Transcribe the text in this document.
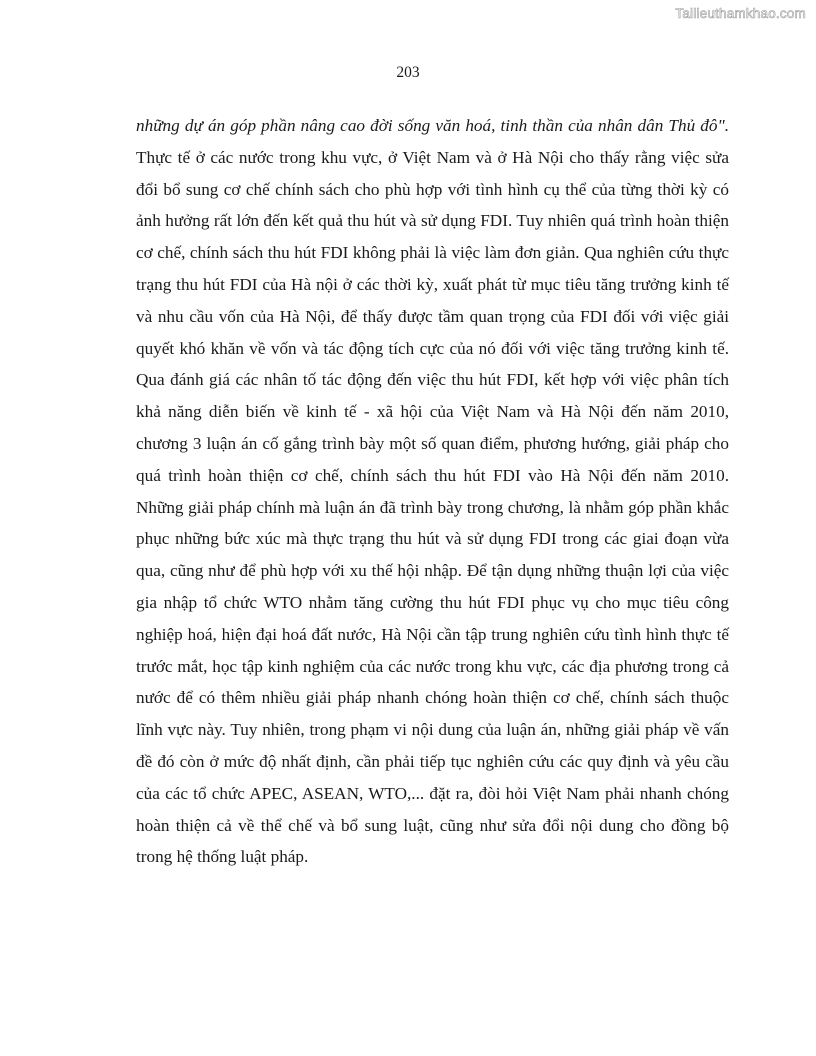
Tailieuthamkhao.com
203

những dự án góp phần nâng cao đời sống văn hoá, tinh thần của nhân dân Thủ đô". Thực tế ở các nước trong khu vực, ở Việt Nam và ở Hà Nội cho thấy rằng việc sửa đổi bổ sung cơ chế chính sách cho phù hợp với tình hình cụ thể của từng thời kỳ có ảnh hưởng rất lớn đến kết quả thu hút và sử dụng FDI. Tuy nhiên quá trình hoàn thiện cơ chế, chính sách thu hút FDI không phải là việc làm đơn giản. Qua nghiên cứu thực trạng thu hút FDI của Hà nội ở các thời kỳ, xuất phát từ mục tiêu tăng trưởng kinh tế và nhu cầu vốn của Hà Nội, để thấy được tầm quan trọng của FDI đối với việc giải quyết khó khăn về vốn và tác động tích cực của nó đối với việc tăng trưởng kinh tế. Qua đánh giá các nhân tố tác động đến việc thu hút FDI, kết hợp với việc phân tích khả năng diễn biến về kinh tế - xã hội của Việt Nam và Hà Nội đến năm 2010, chương 3 luận án cố gắng trình bày một số quan điểm, phương hướng, giải pháp cho quá trình hoàn thiện cơ chế, chính sách thu hút FDI vào Hà Nội đến năm 2010. Những giải pháp chính mà luận án đã trình bày trong chương, là nhằm góp phần khắc phục những bức xúc mà thực trạng thu hút và sử dụng FDI trong các giai đoạn vừa qua, cũng như để phù hợp với xu thế hội nhập. Để tận dụng những thuận lợi của việc gia nhập tổ chức WTO nhằm tăng cường thu hút FDI phục vụ cho mục tiêu công nghiệp hoá, hiện đại hoá đất nước, Hà Nội cần tập trung nghiên cứu tình hình thực tế trước mắt, học tập kinh nghiệm của các nước trong khu vực, các địa phương trong cả nước để có thêm nhiều giải pháp nhanh chóng hoàn thiện cơ chế, chính sách thuộc lĩnh vực này. Tuy nhiên, trong phạm vi nội dung của luận án, những giải pháp về vấn đề đó còn ở mức độ nhất định, cần phải tiếp tục nghiên cứu các quy định và yêu cầu của các tổ chức APEC, ASEAN, WTO,... đặt ra, đòi hỏi Việt Nam phải nhanh chóng hoàn thiện cả về thể chế và bổ sung luật, cũng như sửa đổi nội dung cho đồng bộ trong hệ thống luật pháp.
